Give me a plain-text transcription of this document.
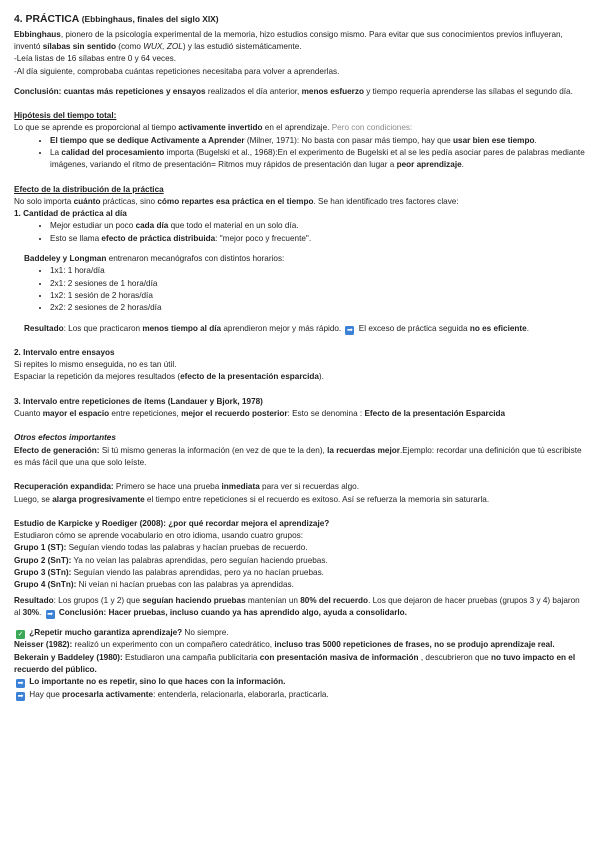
4. PRÁCTICA (Ebbinghaus, finales del siglo XIX)

Ebbinghaus, pionero de la psicología experimental de la memoria, hizo estudios consigo mismo. Para evitar que sus conocimientos previos influyeran, inventó sílabas sin sentido (como WUX, ZOL) y las estudió sistemáticamente.

-Leía listas de 16 sílabas entre 0 y 64 veces.

-Al día siguiente, comprobaba cuántas repeticiones necesitaba para volver a aprenderlas.

Conclusión: cuantas más repeticiones y ensayos realizados el día anterior, menos esfuerzo y tiempo requería aprenderse las sílabas el segundo día.

Hipótesis del tiempo total:

Lo que se aprende es proporcional al tiempo activamente invertido en el aprendizaje. Pero con condiciones:

• El tiempo que se dedique Activamente a Aprender (Milner, 1971): No basta con pasar más tiempo, hay que usar bien ese tiempo.
• La calidad del procesamiento importa (Bugelski et al., 1968):En el experimento de Bugelski et al se les pedía asociar pares de palabras mediante imágenes, variando el ritmo de presentación= Ritmos muy rápidos de presentación dan lugar a peor aprendizaje.

Efecto de la distribución de la práctica

No solo importa cuánto prácticas, sino cómo repartes esa práctica en el tiempo. Se han identificado tres factores clave:

1. Cantidad de práctica al día

• Mejor estudiar un poco cada día que todo el material en un solo día.
• Esto se llama efecto de práctica distribuida: "mejor poco y frecuente".

Baddeley y Longman entrenaron mecanógrafos con distintos horarios:

• 1x1: 1 hora/día
• 2x1: 2 sesiones de 1 hora/día
• 1x2: 1 sesión de 2 horas/día
• 2x2: 2 sesiones de 2 horas/día

Resultado: Los que practicaron menos tiempo al día aprendieron mejor y más rápido. ➡ El exceso de práctica seguida no es eficiente.

2. Intervalo entre ensayos

Si repites lo mismo enseguida, no es tan útil.

Espaciar la repetición da mejores resultados (efecto de la presentación esparcida).

3. Intervalo entre repeticiones de ítems (Landauer y Bjork, 1978)

Cuanto mayor el espacio entre repeticiones, mejor el recuerdo posterior: Esto se denomina : Efecto de la presentación Esparcida

Otros efectos importantes

Efecto de generación: Si tú mismo generas la información (en vez de que te la den), la recuerdas mejor.Ejemplo: recordar una definición que tú escribiste es más fácil que una que solo leíste.

Recuperación expandida: Primero se hace una prueba inmediata para ver si recuerdas algo.

Luego, se alarga progresivamente el tiempo entre repeticiones si el recuerdo es exitoso. Así se refuerza la memoria sin saturarla.

Estudio de Karpicke y Roediger (2008): ¿por qué recordar mejora el aprendizaje?

Estudiaron cómo se aprende vocabulario en otro idioma, usando cuatro grupos:

Grupo 1 (ST): Seguían viendo todas las palabras y hacían pruebas de recuerdo.

Grupo 2 (SnT): Ya no veían las palabras aprendidas, pero seguían haciendo pruebas.

Grupo 3 (STn): Seguían viendo las palabras aprendidas, pero ya no hacían pruebas.

Grupo 4 (SnTn): Ni veían ni hacían pruebas con las palabras ya aprendidas.

Resultado: Los grupos (1 y 2) que seguían haciendo pruebas mantenían un 80% del recuerdo. Los que dejaron de hacer pruebas (grupos 3 y 4) bajaron al 30%. ➡ Conclusión: Hacer pruebas, incluso cuando ya has aprendido algo, ayuda a consolidarlo.

✓ ¿Repetir mucho garantiza aprendizaje? No siempre.

Neisser (1982): realizó un experimento con un compañero catedrático, incluso tras 5000 repeticiones de frases, no se produjo aprendizaje real.

Bekerain y Baddeley (1980): Estudiaron una campaña publicitaria con presentación masiva de información , descubrieron que no tuvo impacto en el recuerdo del público.

➡ Lo importante no es repetir, sino lo que haces con la información.

➡ Hay que procesarla activamente: entenderla, relacionarla, elaborarla, practicarla.
